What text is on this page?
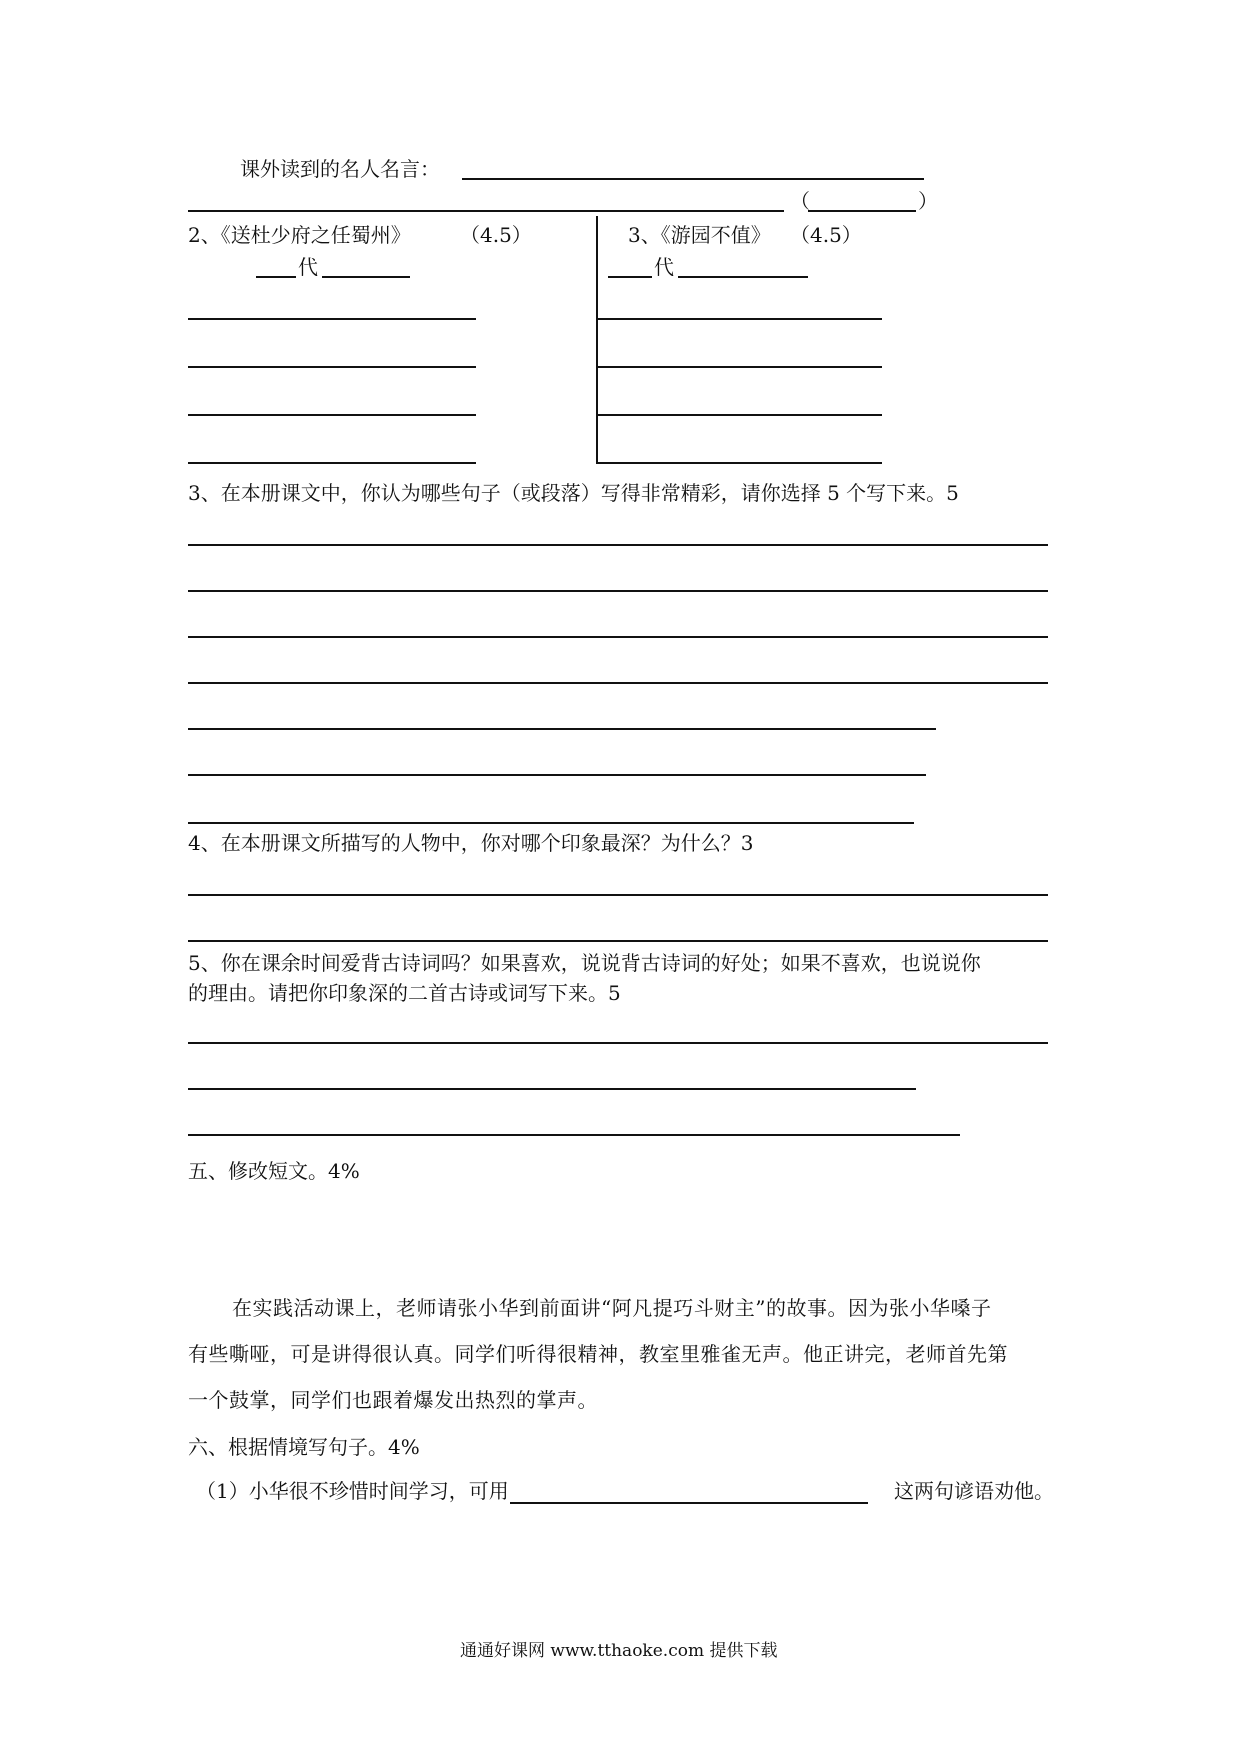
课外读到的名人名言：
（	）
2、《送杜少府之任蜀州》 （4.5）
代
3、《游园不值》 （4.5）
代
3、在本册课文中，你认为哪些句子（或段落）写得非常精彩，请你选择 5 个写下来。5
4、在本册课文所描写的人物中，你对哪个印象最深？为什么？3
5、你在课余时间爱背古诗词吗？如果喜欢，说说背古诗词的好处；如果不喜欢，也说说你
的理由。请把你印象深的二首古诗或词写下来。5
五、修改短文。4%
在实践活动课上，老师请张小华到前面讲“阿凡提巧斗财主”的故事。因为张小华嗓子
有些嘶哑，可是讲得很认真。同学们听得很精神，教室里雅雀无声。他正讲完，老师首先第
一个鼓掌，同学们也跟着爆发出热烈的掌声。
六、根据情境写句子。4%
（1）小华很不珍惜时间学习，可用	这两句谚语劝他。
通通好课网 www.tthaoke.com 提供下载
